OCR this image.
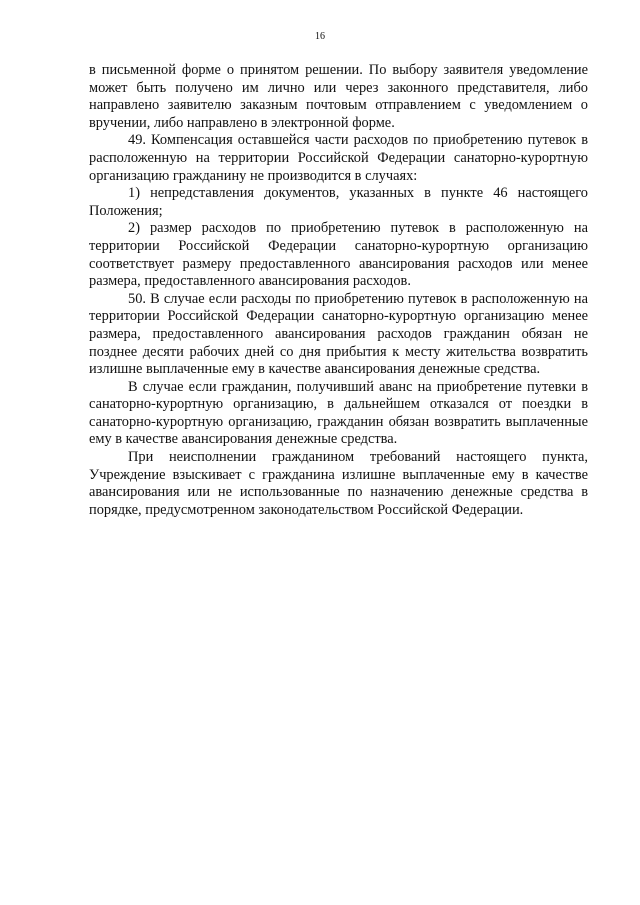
16

в письменной форме о принятом решении. По выбору заявителя уведомление может быть получено им лично или через законного представителя, либо направлено заявителю заказным почтовым отправлением с уведомлением о вручении, либо направлено в электронной форме.

49. Компенсация оставшейся части расходов по приобретению путевок в расположенную на территории Российской Федерации санаторно-курортную организацию гражданину не производится в случаях:

1) непредставления документов, указанных в пункте 46 настоящего Положения;

2) размер расходов по приобретению путевок в расположенную на территории Российской Федерации санаторно-курортную организацию соответствует размеру предоставленного авансирования расходов или менее размера, предоставленного авансирования расходов.

50. В случае если расходы по приобретению путевок в расположенную на территории Российской Федерации санаторно-курортную организацию менее размера, предоставленного авансирования расходов гражданин обязан не позднее десяти рабочих дней со дня прибытия к месту жительства возвратить излишне выплаченные ему в качестве авансирования денежные средства.

В случае если гражданин, получивший аванс на приобретение путевки в санаторно-курортную организацию, в дальнейшем отказался от поездки в санаторно-курортную организацию, гражданин обязан возвратить выплаченные ему в качестве авансирования денежные средства.

При неисполнении гражданином требований настоящего пункта, Учреждение взыскивает с гражданина излишне выплаченные ему в качестве авансирования или не использованные по назначению денежные средства в порядке, предусмотренном законодательством Российской Федерации.
